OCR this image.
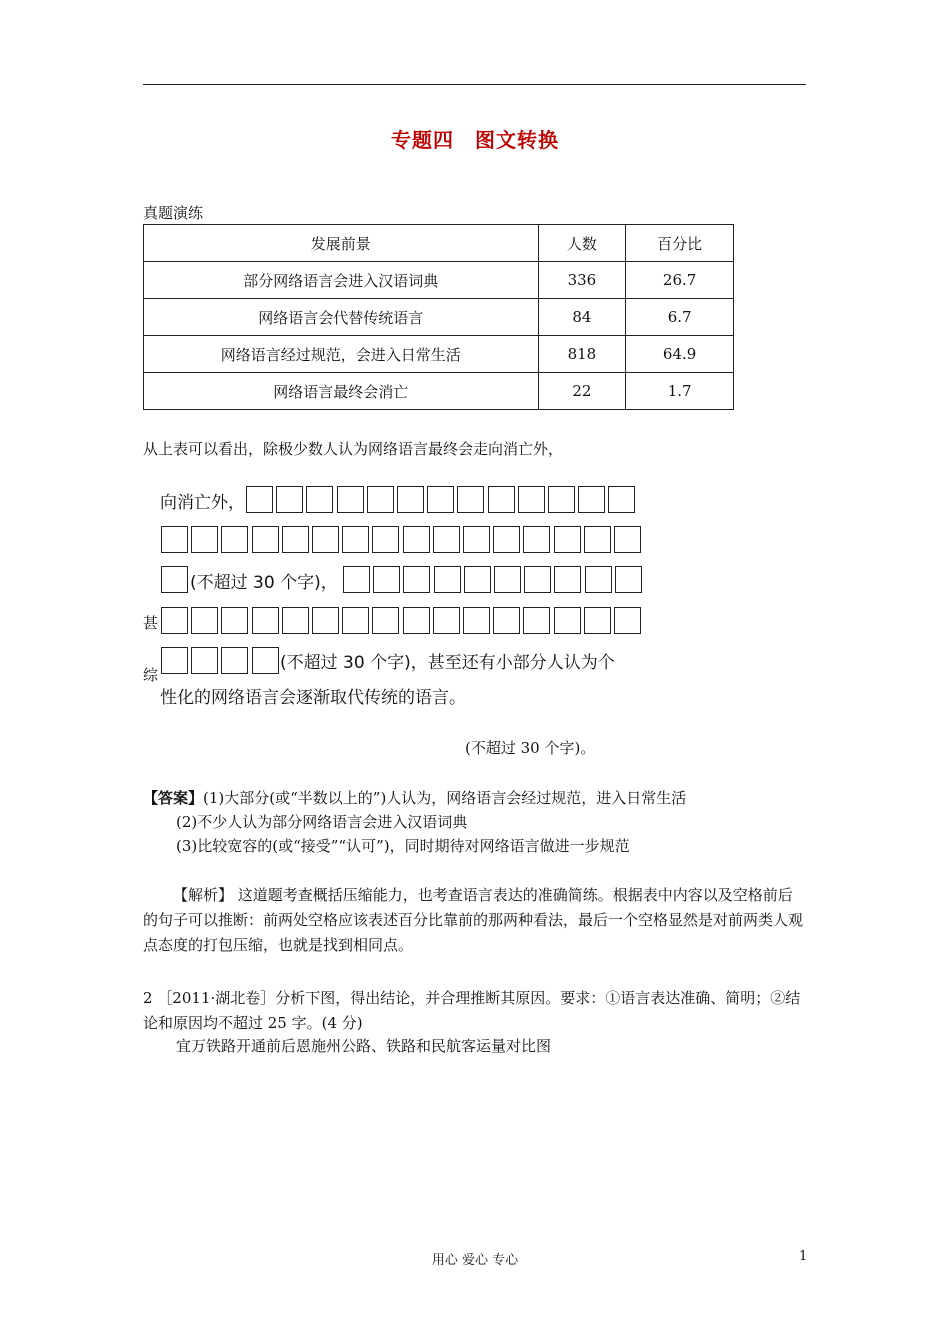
专题四　图文转换
真题演练
发展前景	人数	百分比
部分网络语言会进入汉语词典	336	26.7
网络语言会代替传统语言	84	6.7
网络语言经过规范，会进入日常生活	818	64.9
网络语言最终会消亡	22	1.7
从上表可以看出，除极少数人认为网络语言最终会走向消亡外，
向消亡外，
(不超过 30 个字)，
甚
综
(不超过 30 个字)，甚至还有小部分人认为个
性化的网络语言会逐渐取代传统的语言。
(不超过 30 个字)。
【答案】(1)大部分(或“半数以上的”)人认为，网络语言会经过规范，进入日常生活
(2)不少人认为部分网络语言会进入汉语词典
(3)比较宽容的(或“接受”“认可”)，同时期待对网络语言做进一步规范
【解析】 这道题考查概括压缩能力，也考查语言表达的准确简练。根据表中内容以及空格前后的句子可以推断：前两处空格应该表述百分比靠前的那两种看法，最后一个空格显然是对前两类人观点态度的打包压缩，也就是找到相同点。
2 ［2011·湖北卷］分析下图，得出结论，并合理推断其原因。要求：①语言表达准确、简明；②结论和原因均不超过 25 字。(4 分)
宜万铁路开通前后恩施州公路、铁路和民航客运量对比图
用心 爱心 专心	1
